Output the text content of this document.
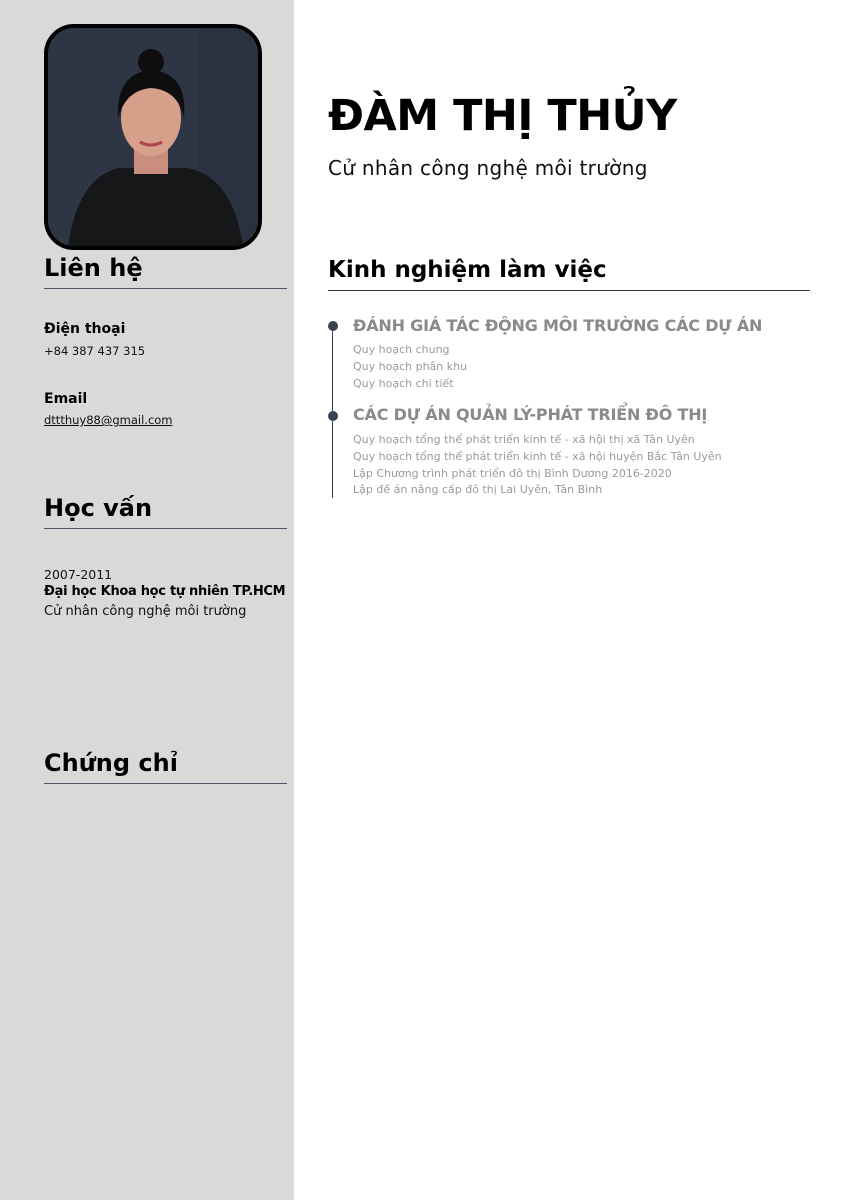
Liên hệ
Điện thoại
+84 387 437 315
Email
dttthuy88@gmail.com
Học vấn
2007-2011
Đại học Khoa học tự nhiên TP.HCM
Cử nhân công nghệ môi trường
Chứng chỉ
ĐÀM THỊ THỦY
Cử nhân công nghệ môi trường
Kinh nghiệm làm việc
ĐÁNH GIÁ TÁC ĐỘNG MÔI TRƯỜNG CÁC DỰ ÁN
Quy hoạch chung
Quy hoạch phân khu
Quy hoạch chi tiết
CÁC DỰ ÁN QUẢN LÝ-PHÁT TRIỂN ĐÔ THỊ
Quy hoạch tổng thể phát triển kinh tế - xã hội thị xã Tân Uyên
Quy hoạch tổng thể phát triển kinh tế - xã hội huyện Bắc Tân Uyên
Lập Chương trình phát triển đô thị Bình Dương 2016-2020
Lập đề án nâng cấp đô thị Lai Uyên, Tân Bình
